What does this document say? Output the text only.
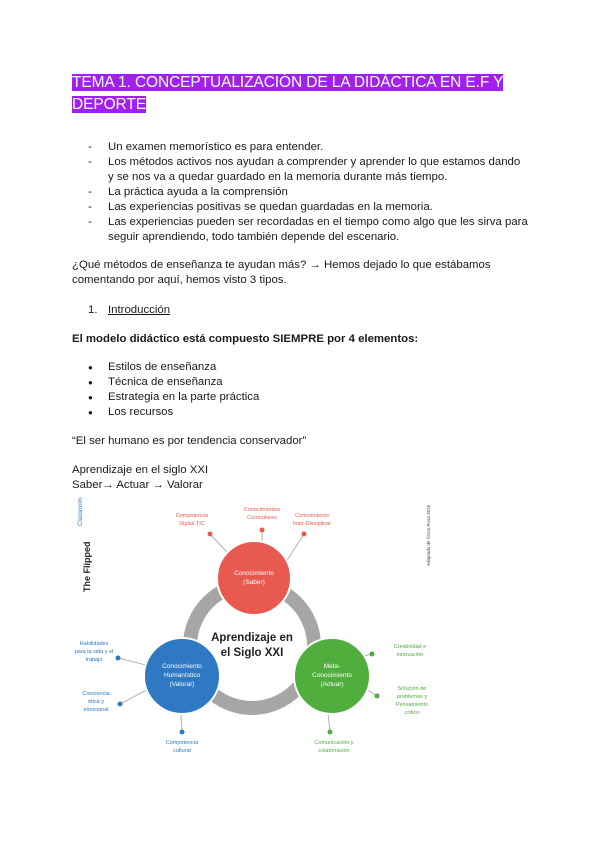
TEMA 1. CONCEPTUALIZACIÓN DE LA DIDÁCTICA EN E.F Y
DEPORTE
- Un examen memorístico es para entender.
- Los métodos activos nos ayudan a comprender y aprender lo que estamos dando y se nos va a quedar guardado en la memoria durante más tiempo.
- La práctica ayuda a la comprensión
- Las experiencias positivas se quedan guardadas en la memoria.
- Las experiencias pueden ser recordadas en el tiempo como algo que les sirva para seguir aprendiendo, todo también depende del escenario.

¿Qué métodos de enseñanza te ayudan más? → Hemos dejado lo que estábamos comentando por aquí, hemos visto 3 tipos.

1. Introducción

El modelo didáctico está compuesto SIEMPRE por 4 elementos:

● Estilos de enseñanza
● Técnica de enseñanza
● Estrategia en la parte práctica
● Los recursos

“El ser humano es por tendencia conservador”

Aprendizaje en el siglo XXI

Saber→ Actuar → Valorar

The Flipped
Classroom	Adaptado de ©Dos Rosa 2016
Aprendizaje en
el Siglo XXI
Conocimiento
(Saber)
Conocimiento
Humanístico
(Valorar)
Meta-
Conocimiento
(Actuar)
Competencia
Digital TIC
Conocimientos
Curriculares	Conocimiento
Inter-Disciplinar
Habilidades
para la vida y el
trabajo
Conciencia
ética y
emocional
Competencia
cultural
Creatividad e
innovación
Solución de
problemas y
Pensamiento
crítico
Comunicación y
colaboración
